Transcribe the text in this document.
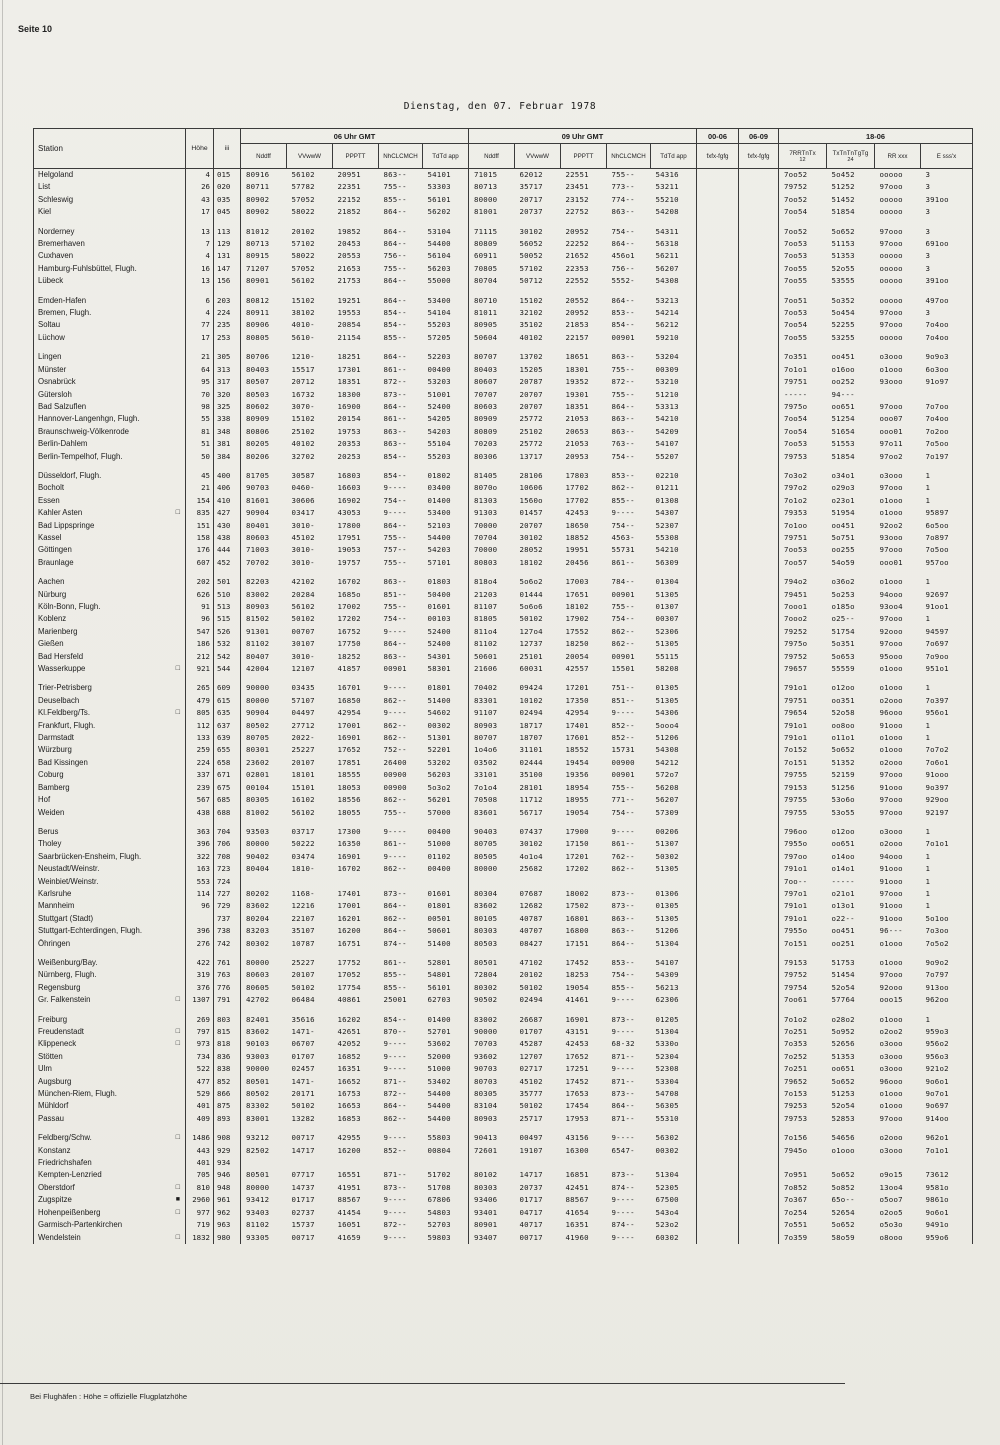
Seite 10
Dienstag, den 07. Februar 1978
Station	Höhe	iii	06 Uhr GMT					09 Uhr GMT					00-06	06-09	18-06			

Nddff	VVwwW	PPPTT	NhCLCMCH	TdTd app	Nddff	VVwwW	PPPTT	NhCLCMCH	TdTd app	fxfx-fgfg	fxfx-fgfg	7RRTnTx
12

TxTnTnTgTg
24	RR xxx	E sss'x

Helgoland	4	015	80916	56102	20951	863--	54101	71015	62012	22551	755--	54316			7oo52	5o452	ooooo	3

List	26	020	80711	57782	22351	755--	53303	80713	35717	23451	773--	53211			79752	51252	97ooo	3

Schleswig	43	035	80902	57052	22152	855--	56101	80000	20717	23152	774--	55210			7oo52	51452	ooooo	391oo

Kiel	17	045	80902	58022	21852	864--	56202	81001	20737	22752	863--	54208			7oo54	51854	ooooo	3

Norderney	13	113	81012	20102	19852	864--	53104	71115	30102	20952	754--	54311			7oo52	5o652	97ooo	3

Bremerhaven	7	129	80713	57102	20453	864--	54400	80809	56052	22252	864--	56318			7oo53	51153	97ooo	691oo

Cuxhaven	4	131	80915	58022	20553	756--	56104	60911	50052	21652	456o1	56211			7oo53	51353	ooooo	3

Hamburg-Fuhlsbüttel, Flugh.	16	147	71207	57052	21653	755--	56203	70805	57102	22353	756--	56207			7oo55	52o55	ooooo	3

Lübeck	13	156	80901	56102	21753	864--	55000	80704	50712	22552	5552-	54308			7oo55	53555	ooooo	391oo

Emden-Hafen	6	203	80812	15102	19251	864--	53400	80710	15102	20552	864--	53213			7oo51	5o352	ooooo	497oo

Bremen, Flugh.	4	224	80911	38102	19553	854--	54104	81011	32102	20952	853--	54214			7oo53	5o454	97ooo	3

Soltau	77	235	80906	4010-	20854	854--	55203	80905	35102	21853	854--	56212			7oo54	52255	97ooo	7o4oo

Lüchow	17	253	80805	5610-	21154	855--	57205	50604	40102	22157	00901	59210			7oo55	53255	ooooo	7o4oo

Lingen	21	305	80706	1210-	18251	864--	52203	80707	13702	18651	863--	53204			7o351	oo451	o3ooo	9o9o3

Münster	64	313	80403	15517	17301	861--	00400	80403	15205	18301	755--	00309			7o1o1	o16oo	o1ooo	6o3oo

Osnabrück	95	317	80507	20712	18351	872--	53203	80607	20787	19352	872--	53210			79751	oo252	93ooo	91o97

Gütersloh	70	320	80503	16732	18300	873--	51001	70707	20707	19301	755--	51210			-----	94---		

Bad Salzuflen	98	325	80602	3070-	16900	864--	52400	80603	20707	18351	864--	53313			7975o	oo651	97ooo	7o7oo

Hannover-Langenhgn, Flugh.	55	338	80909	15102	20154	861--	54205	80909	25772	21053	863--	54210			7oo54	51254	ooo07	7o4oo

Braunschweig-Völkenrode	81	348	80806	25102	19753	863--	54203	80809	25102	20653	863--	54209			7oo54	51654	ooo01	7o2oo

Berlin-Dahlem	51	381	80205	40102	20353	863--	55104	70203	25772	21053	763--	54107			7oo53	51553	97o11	7o5oo

Berlin-Tempelhof, Flugh.	50	384	80206	32702	20253	854--	55203	80306	13717	20953	754--	55207			79753	51854	97oo2	7o197

Düsseldorf, Flugh.	45	400	81705	30587	16803	854--	01802	81405	28106	17803	853--	02210			7o3o2	o34o1	o3ooo	1

Bocholt	21	406	90703	0460-	16603	9----	03400	8070o	10606	17702	862--	01211			797o2	o29o3	97ooo	1

Essen	154	410	81601	30606	16902	754--	01400	81303	1560o	17702	855--	01308			7o1o2	o23o1	o1ooo	1

Kahler Asten □	835	427	90904	03417	43053	9----	53400	91303	01457	42453	9----	54307			79353	51954	o1ooo	95897

Bad Lippspringe	151	430	80401	3010-	17800	864--	52103	70000	20707	18650	754--	52307			7o1oo	oo451	92oo2	6o5oo

Kassel	158	438	80603	45102	17951	755--	54400	70704	30102	18852	4563-	55308			79751	5o751	93ooo	7o897

Göttingen	176	444	71003	3010-	19053	757--	54203	70000	28052	19951	55731	54210			7oo53	oo255	97ooo	7o5oo

Braunlage	607	452	70702	3010-	19757	755--	57101	80803	18102	20456	861--	56309			7oo57	54o59	ooo01	957oo

Aachen	202	501	82203	42102	16702	863--	01803	818o4	5o6o2	17003	784--	01304			794o2	o36o2	o1ooo	1

Nürburg	626	510	83002	20284	1685o	851--	50400	21203	01444	17651	00901	51305			79451	5o253	94ooo	92697

Köln-Bonn, Flugh.	91	513	80903	56102	17002	755--	01601	81107	5o6o6	18102	755--	01307			7ooo1	o185o	93oo4	91oo1

Koblenz	96	515	81502	50102	17202	754--	00103	81805	50102	17902	754--	00307			7ooo2	o25--	97ooo	1

Marienberg	547	526	91301	00707	16752	9----	52400	811o4	127o4	17552	862--	52306			79252	51754	92ooo	94597

Gießen	186	532	81102	30107	17750	864--	52400	81102	12737	18250	862--	51305			7975o	5o351	97ooo	7o697

Bad Hersfeld	212	542	80407	3010-	18252	863--	54301	50601	25101	20054	00901	55115			79752	5o653	95ooo	7o9oo

Wasserkuppe □	921	544	42004	12107	41857	00901	58301	21606	60031	42557	15501	58208			79657	55559	o1ooo	951o1

Trier-Petrisberg	265	609	90000	03435	16701	9----	01801	70402	09424	17201	751--	01305			791o1	o12oo	o1ooo	1

Deuselbach	479	615	80000	57107	16850	862--	51400	83301	10102	17350	851--	51305			79751	oo351	o2ooo	7o397

Kl.Feldberg/Ts. □	805	635	90904	04497	42954	9----	54602	91107	02494	42954	9----	54306			79654	52o58	96ooo	956o1

Frankfurt, Flugh.	112	637	80502	27712	17001	862--	00302	80903	18717	17401	852--	5ooo4			791o1	oo8oo	91ooo	1

Darmstadt	133	639	80705	2022-	16901	862--	51301	80707	18707	17601	852--	51206			791o1	o11o1	o1ooo	1

Würzburg	259	655	80301	25227	17652	752--	52201	1o4o6	31101	18552	15731	54308			7o152	5o652	o1ooo	7o7o2

Bad Kissingen	224	658	23602	20107	17851	26400	53202	03502	02444	19454	00900	54212			7o151	51352	o2ooo	7o6o1

Coburg	337	671	02801	18101	18555	00900	56203	33101	35100	19356	00901	572o7			79755	52159	97ooo	91ooo

Bamberg	239	675	00104	15101	18053	00900	5o3o2	7o1o4	28101	18954	755--	56208			79153	51256	91ooo	9o397

Hof	567	685	80305	16102	18556	862--	56201	70508	11712	18955	771--	56207			79755	53o6o	97ooo	929oo

Weiden	438	688	81002	56102	18055	755--	57000	83601	56717	19054	754--	57309			79755	53o55	97ooo	92197

Berus	363	704	93503	03717	17300	9----	00400	90403	07437	17900	9----	00206			796oo	o12oo	o3ooo	1

Tholey	396	706	80000	50222	16350	861--	51000	80705	30102	17150	861--	51307			7955o	oo651	o2ooo	7o1o1

Saarbrücken-Ensheim, Flugh.	322	708	90402	03474	16901	9----	01102	80505	4o1o4	17201	762--	50302			797oo	o14oo	94ooo	1

Neustadt/Weinstr.	163	723	80404	1810-	16702	862--	00400	80000	25682	17202	862--	51305			791o1	o14o1	91ooo	1

Weinbiet/Weinstr.	553	724													7oo--	-----	91ooo	1

Karlsruhe	114	727	80202	1168-	17401	873--	01601	80304	07687	18002	873--	01306			797o1	o21o1	97ooo	1

Mannheim	96	729	83602	12216	17001	864--	01801	83602	12682	17502	873--	01305			791o1	o13o1	91ooo	1

Stuttgart (Stadt)		737	80204	22107	16201	862--	00501	80105	40787	16801	863--	51305			791o1	o22--	91ooo	5o1oo

Stuttgart-Echterdingen, Flugh.	396	738	83203	35107	16200	864--	50601	80303	40707	16800	863--	51206			7955o	oo451	96---	7o3oo

Öhringen	276	742	80302	10787	16751	874--	51400	80503	08427	17151	864--	51304			7o151	oo251	o1ooo	7o5o2

Weißenburg/Bay.	422	761	80000	25227	17752	861--	52801	80501	47102	17452	853--	54107			79153	51753	o1ooo	9o9o2

Nürnberg, Flugh.	319	763	80603	20107	17052	855--	54801	72804	20102	18253	754--	54309			79752	51454	97ooo	7o797

Regensburg	376	776	80605	50102	17754	855--	56101	80302	50102	19054	855--	56213			79754	52o54	92ooo	913oo

Gr. Falkenstein □	1307	791	42702	06484	40861	25001	62703	90502	02494	41461	9----	62306			7oo61	57764	ooo15	962oo

Freiburg	269	803	82401	35616	16202	854--	01400	83002	26687	16901	873--	01205			7o1o2	o28o2	o1ooo	1

Freudenstadt □	797	815	83602	1471-	42651	870--	52701	90000	01707	43151	9----	51304			7o251	5o952	o2oo2	959o3

Klippeneck □	973	818	90103	06707	42052	9----	53602	70703	45287	42453	68-32	5330o			7o353	52656	o3ooo	956o2

Stötten	734	836	93003	01707	16852	9----	52000	93602	12707	17652	871--	52304			7o252	51353	o3ooo	956o3

Ulm	522	838	90000	02457	16351	9----	51000	90703	02717	17251	9----	52308			7o251	oo651	o3ooo	921o2

Augsburg	477	852	80501	1471-	16652	871--	53402	80703	45102	17452	871--	53304			79652	5o652	96ooo	9o6o1

München-Riem, Flugh.	529	866	80502	20171	16753	872--	54400	80305	35777	17653	873--	54708			7o153	51253	o1ooo	9o7o1

Mühldorf	401	875	83302	50102	16653	864--	54400	83104	50102	17454	864--	56305			79253	52o54	o1ooo	9o697

Passau	409	893	83001	13282	16853	862--	54400	80903	25717	17953	871--	55310			79753	52853	97ooo	914oo

Feldberg/Schw. □	1486	908	93212	00717	42955	9----	55803	90413	00497	43156	9----	56302			7o156	54656	o2ooo	962o1

Konstanz	443	929	82502	14717	16200	852--	00804	72601	19107	16300	6547-	00302			7945o	o1ooo	o3ooo	7o1o1

Friedrichshafen	401	934																

Kempten-Lenzried	705	946	80501	07717	16551	871--	51702	80102	14717	16851	873--	51304			7o951	5o652	o9o15	73612

Oberstdorf □	810	948	80000	14737	41951	873--	51708	80303	20737	42451	874--	52305			7o852	5o852	13oo4	9581o

Zugspitze ■	2960	961	93412	01717	88567	9----	67806	93406	01717	88567	9----	67500			7o367	65o--	o5oo7	9861o

Hohenpeißenberg □	977	962	93403	02737	41454	9----	54803	93401	04717	41654	9----	543o4			7o254	52654	o2oo5	9o6o1

Garmisch-Partenkirchen	719	963	81102	15737	16051	872--	52703	80901	40717	16351	874--	523o2			7o551	5o652	o5o3o	9491o

Wendelstein □	1832	980	93305	00717	41659	9----	59803	93407	00717	41960	9----	60302			7o359	58o59	o8ooo	959o6
Bei Flughäfen : Höhe = offizielle Flugplatzhöhe
